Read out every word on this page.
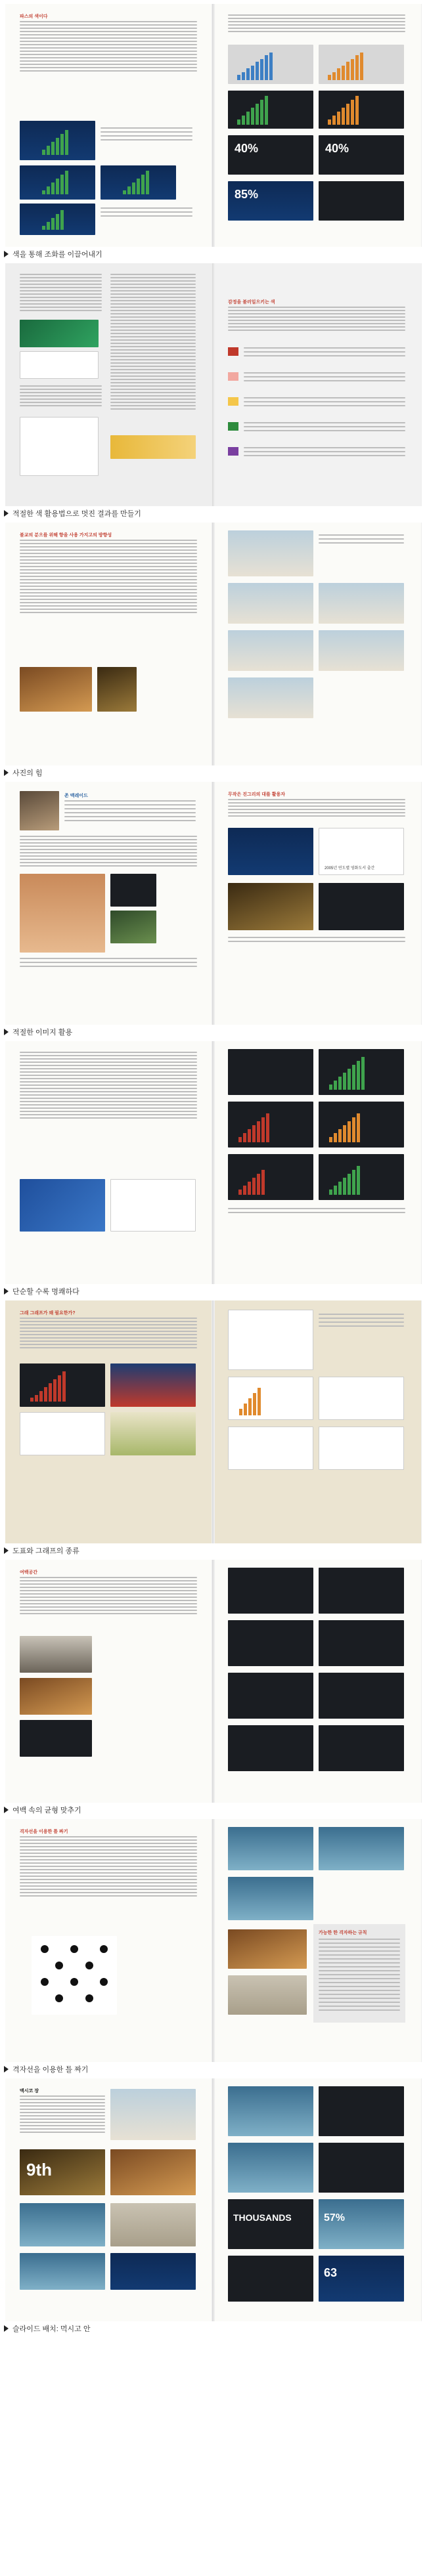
파스의 색이다
40%	40%
85%
색을 통해 조화를 이끌어내기
감정을 불러일으키는 색
적절한 색 활용법으로 멋진 결과를 만들기
불교의 분으를 위해 향을 사용 가지고의 방향성
사진의 힘
존 맥레이드	무작은 진그리의 대를 활용자
2005년 연도별 영화도서 출간
적절한 이미지 활용
단순할 수록 명쾌하다
그래 그래프가 왜 필요한가?
도표와 그래프의 종류
여백공간
여백 속의 균형 맞추기
격자선을 이용한 틀 짜기
가능한 한 격자하는 규칙
격자선을 이용한 틀 짜기
맥시코 장
9th
THOUSANDS	57%
63
슬라이드 배치: 먹시고 안
